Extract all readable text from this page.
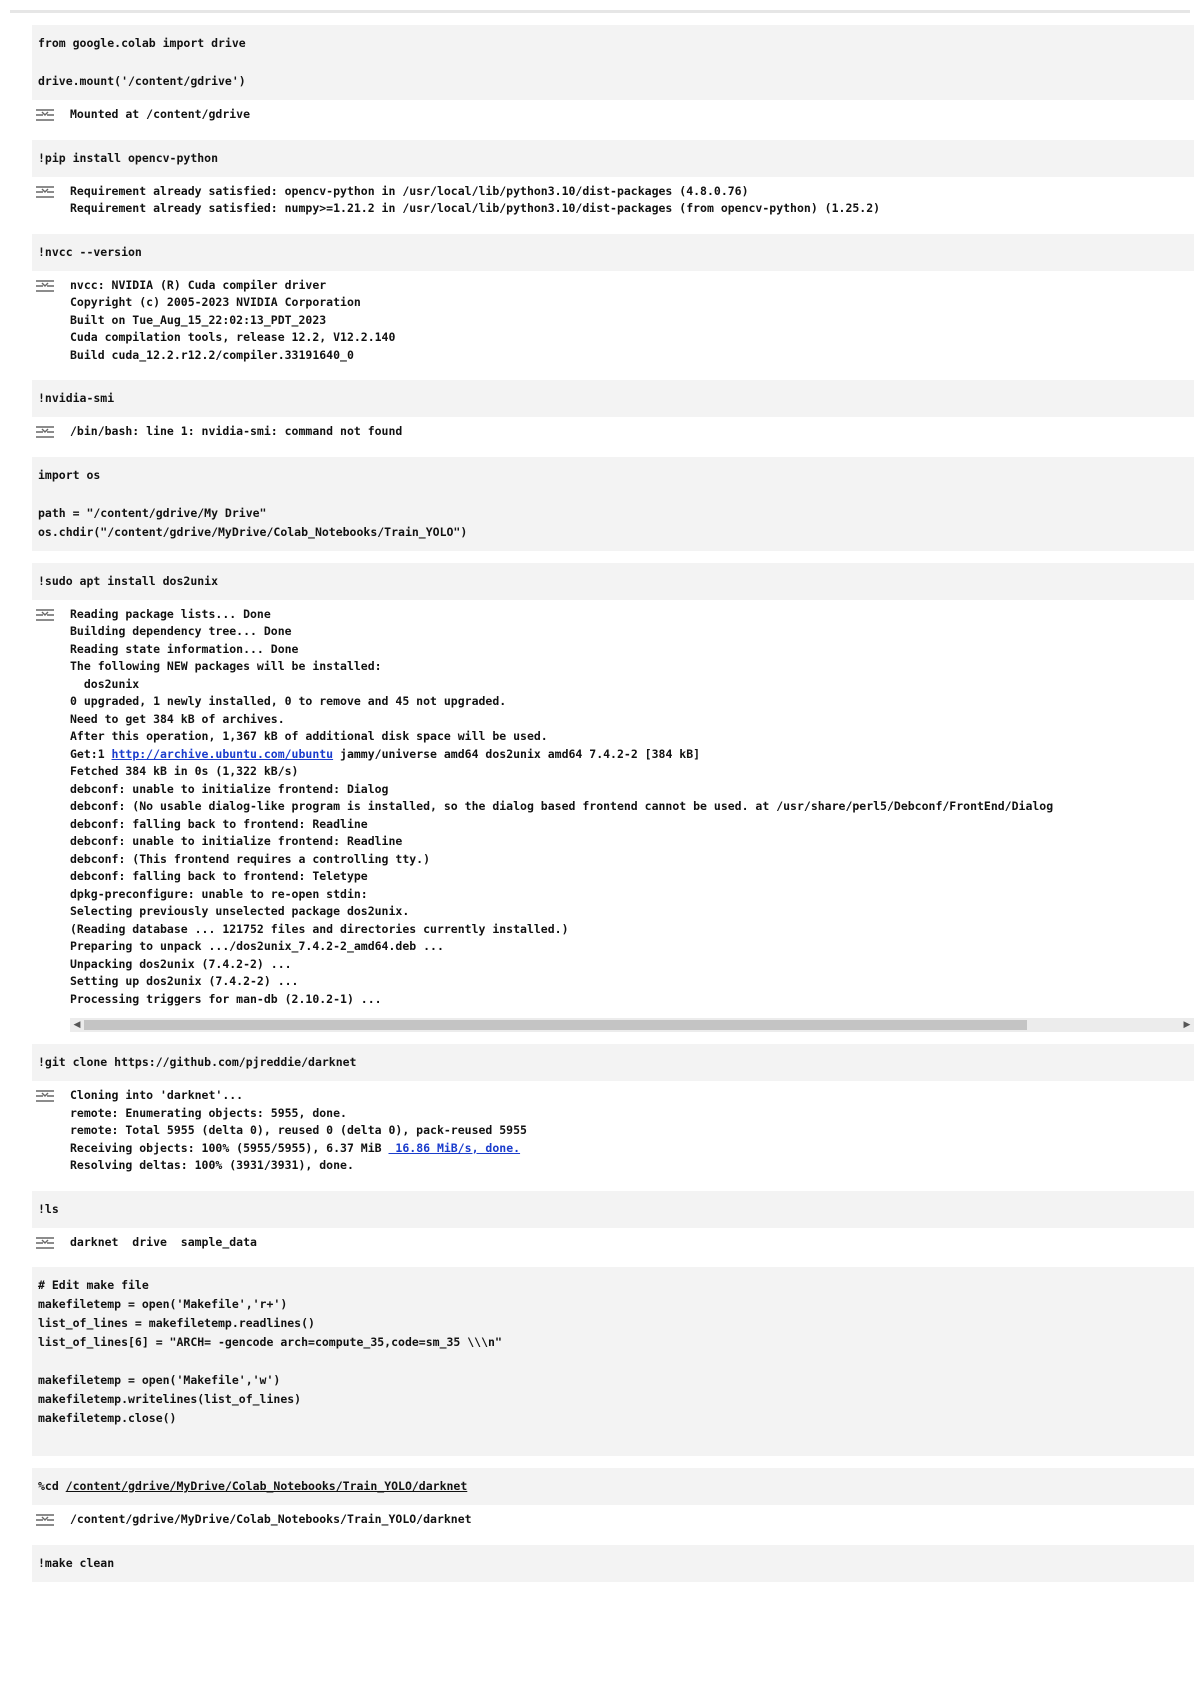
from google.colab import drive
drive.mount('/content/gdrive')
Mounted at /content/gdrive
!pip install opencv-python
Requirement already satisfied: opencv-python in /usr/local/lib/python3.10/dist-packages (4.8.0.76)
Requirement already satisfied: numpy>=1.21.2 in /usr/local/lib/python3.10/dist-packages (from opencv-python) (1.25.2)
!nvcc --version
nvcc: NVIDIA (R) Cuda compiler driver
Copyright (c) 2005-2023 NVIDIA Corporation
Built on Tue_Aug_15_22:02:13_PDT_2023
Cuda compilation tools, release 12.2, V12.2.140
Build cuda_12.2.r12.2/compiler.33191640_0
!nvidia-smi
/bin/bash: line 1: nvidia-smi: command not found
import os
path = "/content/gdrive/My Drive"
os.chdir("/content/gdrive/MyDrive/Colab_Notebooks/Train_YOLO")
!sudo apt install dos2unix
Reading package lists... Done
Building dependency tree... Done
Reading state information... Done
The following NEW packages will be installed:
dos2unix
0 upgraded, 1 newly installed, 0 to remove and 45 not upgraded.
Need to get 384 kB of archives.
After this operation, 1,367 kB of additional disk space will be used.
Get:1 http://archive.ubuntu.com/ubuntu jammy/universe amd64 dos2unix amd64 7.4.2-2 [384 kB]
Fetched 384 kB in 0s (1,322 kB/s)
debconf: unable to initialize frontend: Dialog
debconf: (No usable dialog-like program is installed, so the dialog based frontend cannot be used. at /usr/share/perl5/Debconf/FrontEnd/Dialog
debconf: falling back to frontend: Readline
debconf: unable to initialize frontend: Readline
debconf: (This frontend requires a controlling tty.)
debconf: falling back to frontend: Teletype
dpkg-preconfigure: unable to re-open stdin:
Selecting previously unselected package dos2unix.
(Reading database ... 121752 files and directories currently installed.)
Preparing to unpack .../dos2unix_7.4.2-2_amd64.deb ...
Unpacking dos2unix (7.4.2-2) ...
Setting up dos2unix (7.4.2-2) ...
Processing triggers for man-db (2.10.2-1) ...
◀	▶
!git clone https://github.com/pjreddie/darknet
Cloning into 'darknet'...
remote: Enumerating objects: 5955, done.
remote: Total 5955 (delta 0), reused 0 (delta 0), pack-reused 5955
Receiving objects: 100% (5955/5955), 6.37 MiB  16.86 MiB/s, done.
Resolving deltas: 100% (3931/3931), done.
!ls
darknet  drive  sample_data
# Edit make file
makefiletemp = open('Makefile','r+')
list_of_lines = makefiletemp.readlines()
list_of_lines[6] = "ARCH= -gencode arch=compute_35,code=sm_35 \\\n"
makefiletemp = open('Makefile','w')
makefiletemp.writelines(list_of_lines)
makefiletemp.close()
%cd /content/gdrive/MyDrive/Colab_Notebooks/Train_YOLO/darknet
/content/gdrive/MyDrive/Colab_Notebooks/Train_YOLO/darknet
!make clean
